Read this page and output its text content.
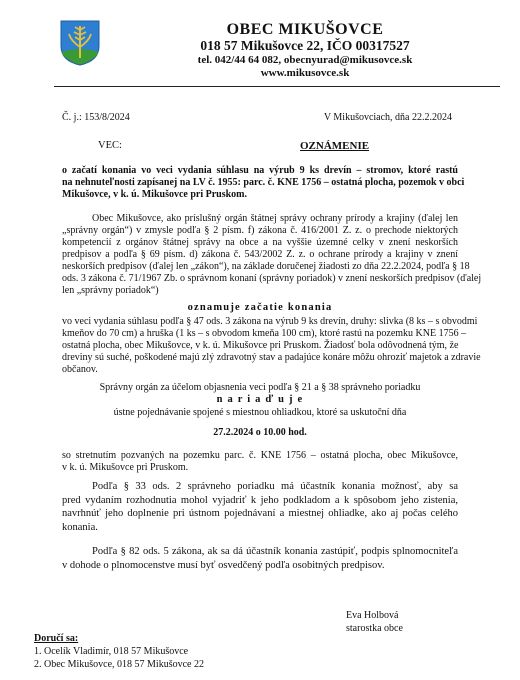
OBEC MIKUŠOVCE
018 57 Mikušovce 22, IČO 00317527
tel. 042/44 64 082, obecnyurad@mikusovce.sk
www.mikusovce.sk
Č. j.: 153/8/2024	V Mikušovciach, dňa 22.2.2024
VEC:	OZNÁMENIE
o začatí konania vo veci vydania súhlasu na výrub 9 ks drevín – stromov, ktoré rastú
na nehnuteľnosti zapísanej na LV č. 1955: parc. č. KNE 1756 – ostatná plocha, pozemok v obci
Mikušovce, v k. ú. Mikušovce pri Pruskom.
Obec Mikušovce, ako príslušný orgán štátnej správy ochrany prírody a krajiny (ďalej len
„správny orgán“) v zmysle podľa § 2 písm. f) zákona č. 416/2001 Z. z. o prechode niektorých
kompetencií z orgánov štátnej správy na obce a na vyššie územné celky v znení neskorších
predpisov a podľa § 69 písm. d) zákona č. 543/2002 Z. z. o ochrane prírody a krajiny v znení
neskorších predpisov (ďalej len „zákon“), na základe doručenej žiadosti zo dňa 22.2.2024, podľa § 18
ods. 3 zákona č. 71/1967 Zb. o správnom konaní (správny poriadok) v znení neskorších predpisov (ďalej
len „správny poriadok“)
oznamuje začatie konania
vo veci vydania súhlasu podľa § 47 ods. 3 zákona na výrub 9 ks drevín, druhy: slivka (8 ks – s obvodmi
kmeňov do 70 cm) a hruška (1 ks – s obvodom kmeňa 100 cm), ktoré rastú na pozemku KNE 1756 –
ostatná plocha, obec Mikušovce, v k. ú. Mikušovce pri Pruskom. Žiadosť bola odôvodnená tým, že
dreviny sú suché, poškodené majú zlý zdravotný stav a padajúce konáre môžu ohroziť majetok a zdravie
občanov.
Správny orgán za účelom objasnenia veci podľa § 21 a § 38 správneho poriadku
n a r i a ď u j e
ústne pojednávanie spojené s miestnou ohliadkou, ktoré sa uskutoční dňa
27.2.2024 o 10.00 hod.
so stretnutím pozvaných na pozemku parc. č. KNE 1756 – ostatná plocha, obec Mikušovce,
v k. ú. Mikušovce pri Pruskom.
Podľa § 33 ods. 2 správneho poriadku má účastník konania možnosť, aby sa
pred vydaním rozhodnutia mohol vyjadriť k jeho podkladom a k spôsobom jeho zistenia,
navrhnúť jeho doplnenie pri ústnom pojednávaní a miestnej ohliadke, ako aj počas celého
konania.
Podľa § 82 ods. 5 zákona, ak sa dá účastník konania zastúpiť, podpis splnomocniteľa
v dohode o plnomocenstve musí byť osvedčený podľa osobitných predpisov.
Eva Holbová
starostka obce
Doručí sa:
1. Ocelík Vladimír, 018 57 Mikušovce
2. Obec Mikušovce, 018 57 Mikušovce 22
